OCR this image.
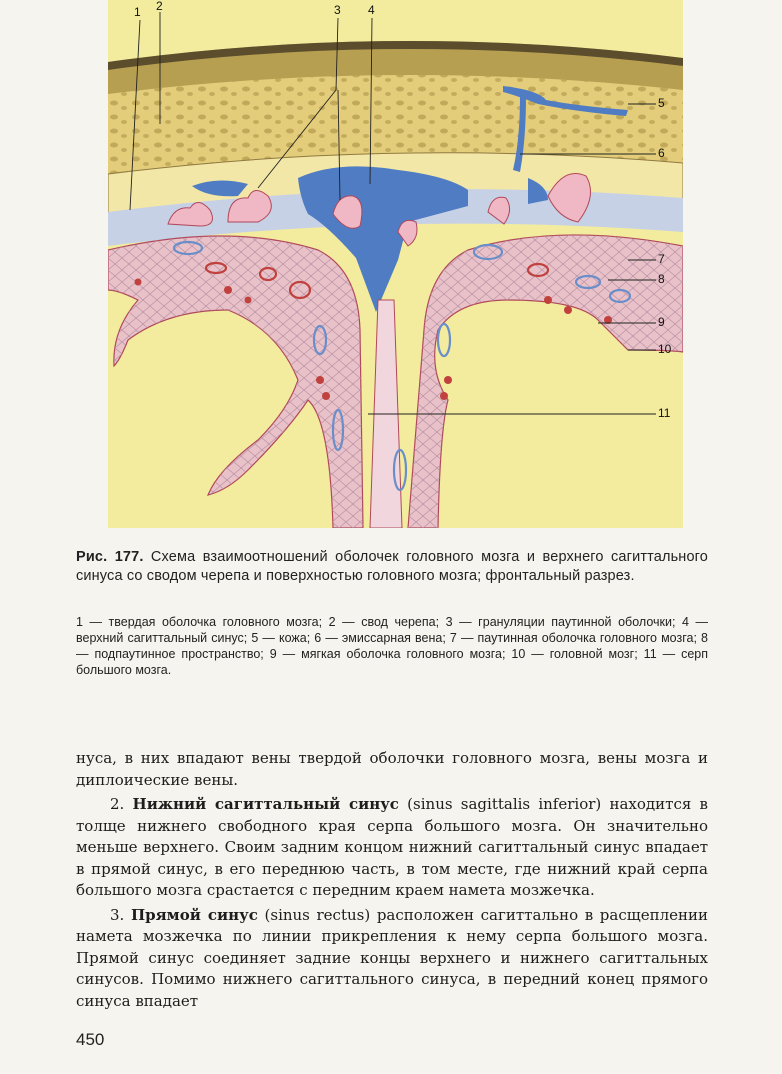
1 2	3 4
5
6
7
8
9
10
11
Рис. 177. Схема взаимоотношений оболочек головного мозга и верхнего сагиттального синуса со сводом черепа и поверхностью головного мозга; фронтальный разрез.
1 — твердая оболочка головного мозга; 2 — свод черепа; 3 — грануляции паутинной оболочки; 4 — верхний сагиттальный синус; 5 — кожа; 6 — эмиссарная вена; 7 — паутинная оболочка головного мозга; 8 — подпаутинное пространство; 9 — мягкая оболочка головного мозга; 10 — головной мозг; 11 — серп большого мозга.

нуса, в них впадают вены твердой оболочки головного мозга, вены мозга и диплоические вены.

2. Нижний сагиттальный синус (sinus sagittalis inferior) находится в толще нижнего свободного края серпа большого мозга. Он значительно меньше верхнего. Своим задним концом нижний сагиттальный синус впадает в прямой синус, в его переднюю часть, в том месте, где нижний край серпа большого мозга срастается с передним краем намета мозжечка.

3. Прямой синус (sinus rectus) расположен сагиттально в расщеплении намета мозжечка по линии прикрепления к нему серпа большого мозга. Прямой синус соединяет задние концы верхнего и нижнего сагиттальных синусов. Помимо нижнего сагиттального синуса, в передний конец прямого синуса впадает

450
